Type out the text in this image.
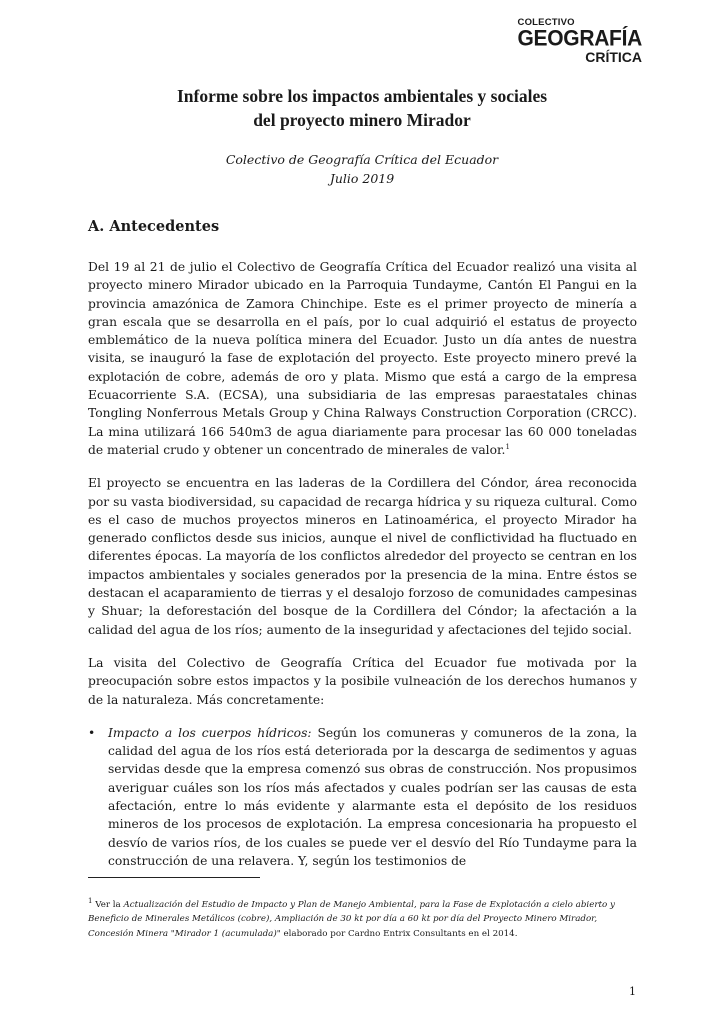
COLECTIVO
GEOGRAFÍA
CRÍTICA
Informe sobre los impactos ambientales y sociales
del proyecto minero Mirador
Colectivo de Geografía Crítica del Ecuador
Julio 2019
A. Antecedentes

Del 19 al 21 de julio el Colectivo de Geografía Crítica del Ecuador realizó una visita al proyecto minero Mirador ubicado en la Parroquia Tundayme, Cantón El Pangui en la provincia amazónica de Zamora Chinchipe. Este es el primer proyecto de minería a gran escala que se desarrolla en el país, por lo cual adquirió el estatus de proyecto emblemático de la nueva política minera del Ecuador. Justo un día antes de nuestra visita, se inauguró la fase de explotación del proyecto. Este proyecto minero prevé la explotación de cobre, además de oro y plata. Mismo que está a cargo de la empresa Ecuacorriente S.A. (ECSA), una subsidiaria de las empresas paraestatales chinas Tongling Nonferrous Metals Group y China Ralways Construction Corporation (CRCC). La mina utilizará 166 540m3 de agua diariamente para procesar las 60 000 toneladas de material crudo y obtener un concentrado de minerales de valor.$^1$

El proyecto se encuentra en las laderas de la Cordillera del Cóndor, área reconocida por su vasta biodiversidad, su capacidad de recarga hídrica y su riqueza cultural. Como es el caso de muchos proyectos mineros en Latinoamérica, el proyecto Mirador ha generado conflictos desde sus inicios, aunque el nivel de conflictividad ha fluctuado en diferentes épocas. La mayoría de los conflictos alrededor del proyecto se centran en los impactos ambientales y sociales generados por la presencia de la mina. Entre éstos se destacan el acaparamiento de tierras y el desalojo forzoso de comunidades campesinas y Shuar; la deforestación del bosque de la Cordillera del Cóndor; la afectación a la calidad del agua de los ríos; aumento de la inseguridad y afectaciones del tejido social.

La visita del Colectivo de Geografía Crítica del Ecuador fue motivada por la preocupación sobre estos impactos y la posibile vulneación de los derechos humanos y de la naturaleza. Más concretamente:

• Impacto a los cuerpos hídricos: Según los comuneras y comuneros de la zona, la calidad del agua de los ríos está deteriorada por la descarga de sedimentos y aguas servidas desde que la empresa comenzó sus obras de construcción. Nos propusimos averiguar cuáles son los ríos más afectados y cuales podrían ser las causas de esta afectación, entre lo más evidente y alarmante esta el depósito de los residuos mineros de los procesos de explotación. La empresa concesionaria ha propuesto el desvío de varios ríos, de los cuales se puede ver el desvío del Río Tundayme para la construcción de una relavera. Y, según los testimonios de
$^1$ Ver la Actualización del Estudio de Impacto y Plan de Manejo Ambiental, para la Fase de Explotación a cielo abierto y Beneficio de Minerales Metálicos (cobre), Ampliación de 30 kt por día a 60 kt por día del Proyecto Minero Mirador, Concesión Minera "Mirador 1 (acumulada)" elaborado por Cardno Entrix Consultants en el 2014.
1
